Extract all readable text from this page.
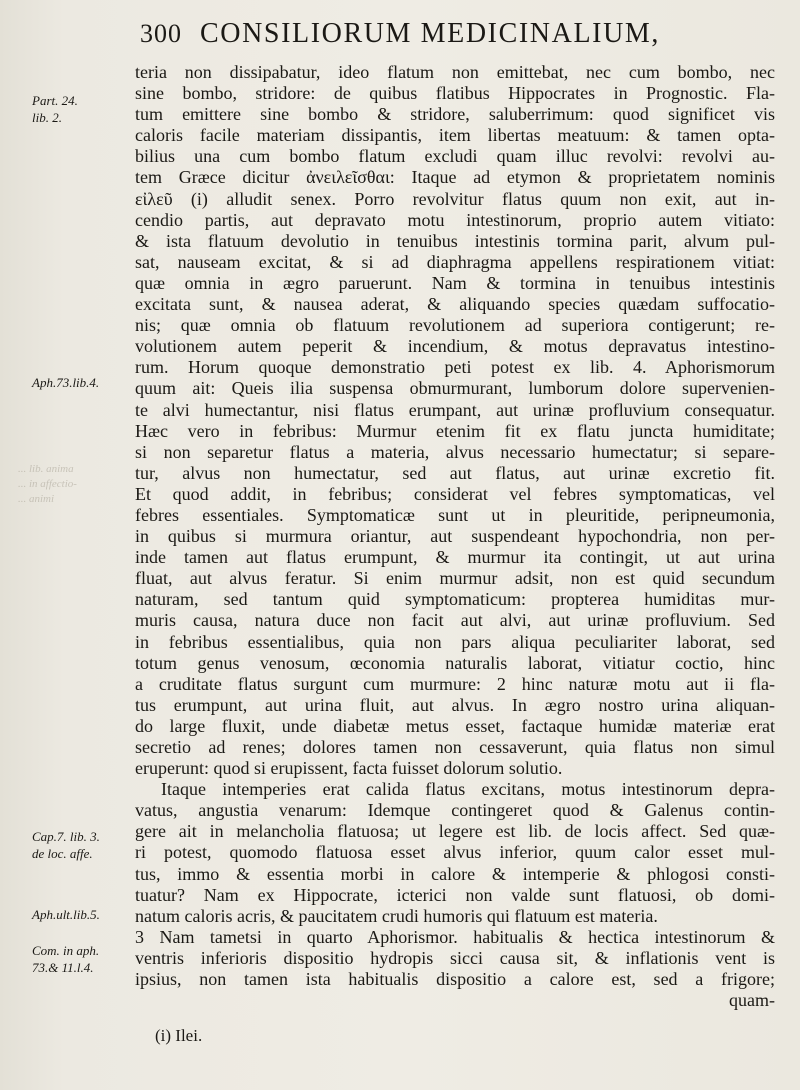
300 CONSILIORUM MEDICINALIUM,
Part. 24.
lib. 2.
Aph.73.lib.4.
Cap.7. lib. 3.
de loc. affe.
Aph.ult.lib.5.
Com. in aph.
73.& 11.l.4.
... lib. anima
... in affectio-
... animi
teria non dissipabatur, ideo flatum non emittebat, nec cum bombo, nec
sine bombo, stridore: de quibus flatibus Hippocrates in Prognostic. Fla-
tum emittere sine bombo & stridore, saluberrimum: quod significet vis
caloris facile materiam dissipantis, item libertas meatuum: & tamen opta-
bilius una cum bombo flatum excludi quam illuc revolvi: revolvi au-
tem Græce dicitur ἀνειλεῖσθαι: Itaque ad etymon & proprietatem nominis
εἰλεῦ (i) alludit senex. Porro revolvitur flatus quum non exit, aut in-
cendio partis, aut depravato motu intestinorum, proprio autem vitiato:
& ista flatuum devolutio in tenuibus intestinis tormina parit, alvum pul-
sat, nauseam excitat, & si ad diaphragma appellens respirationem vitiat:
quæ omnia in ægro paruerunt. Nam & tormina in tenuibus intestinis
excitata sunt, & nausea aderat, & aliquando species quædam suffocatio-
nis; quæ omnia ob flatuum revolutionem ad superiora contigerunt; re-
volutionem autem peperit & incendium, & motus depravatus intestino-
rum. Horum quoque demonstratio peti potest ex lib. 4. Aphorismorum
quum ait: Queis ilia suspensa obmurmurant, lumborum dolore supervenien-
te alvi humectantur, nisi flatus erumpant, aut urinæ profluvium consequatur.
Hæc vero in febribus: Murmur etenim fit ex flatu juncta humiditate;
si non separetur flatus a materia, alvus necessario humectatur; si separe-
tur, alvus non humectatur, sed aut flatus, aut urinæ excretio fit.
Et quod addit, in febribus; considerat vel febres symptomaticas, vel
febres essentiales. Symptomaticæ sunt ut in pleuritide, peripneumonia,
in quibus si murmura oriantur, aut suspendeant hypochondria, non per-
inde tamen aut flatus erumpunt, & murmur ita contingit, ut aut urina
fluat, aut alvus feratur. Si enim murmur adsit, non est quid secundum
naturam, sed tantum quid symptomaticum: propterea humiditas mur-
muris causa, natura duce non facit aut alvi, aut urinæ profluvium. Sed
in febribus essentialibus, quia non pars aliqua peculiariter laborat, sed
totum genus venosum, œconomia naturalis laborat, vitiatur coctio, hinc
a cruditate flatus surgunt cum murmure: 2 hinc naturæ motu aut ii fla-
tus erumpunt, aut urina fluit, aut alvus. In ægro nostro urina aliquan-
do large fluxit, unde diabetæ metus esset, factaque humidæ materiæ erat
secretio ad renes; dolores tamen non cessaverunt, quia flatus non simul
eruperunt: quod si erupissent, facta fuisset dolorum solutio.
Itaque intemperies erat calida flatus excitans, motus intestinorum depra-
vatus, angustia venarum: Idemque contingeret quod & Galenus contin-
gere ait in melancholia flatuosa; ut legere est lib. de locis affect. Sed quæ-
ri potest, quomodo flatuosa esset alvus inferior, quum calor esset mul-
tus, immo & essentia morbi in calore & intemperie & phlogosi consti-
tuatur? Nam ex Hippocrate, icterici non valde sunt flatuosi, ob domi-
natum caloris acris, & paucitatem crudi humoris qui flatuum est materia.
3 Nam tametsi in quarto Aphorismor. habitualis & hectica intestinorum &
ventris inferioris dispositio hydropis sicci causa sit, & inflationis vent is
ipsius, non tamen ista habitualis dispositio a calore est, sed a frigore;
quam-
(i) Ilei.
